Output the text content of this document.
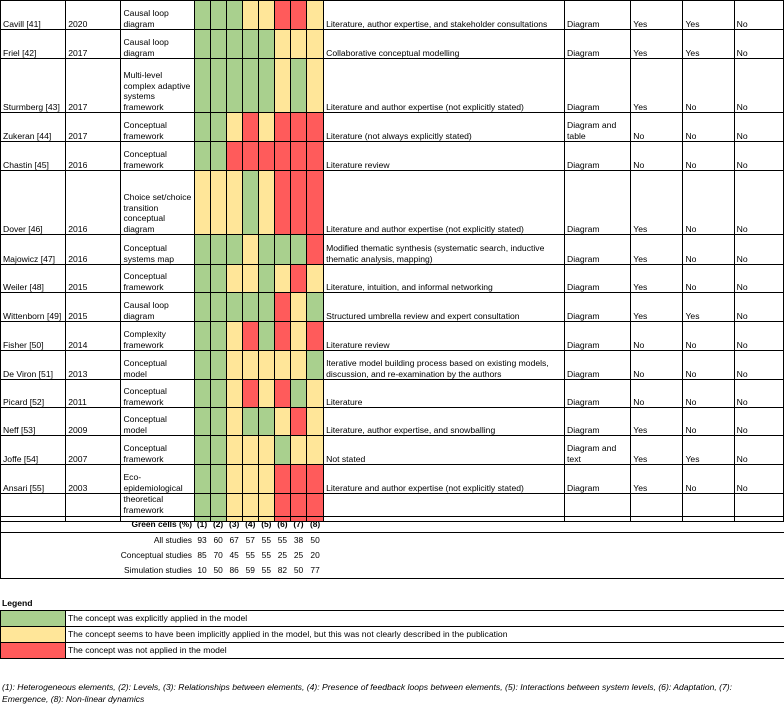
Cavill [41]	2020	Causal loop diagram									Literature, author expertise, and stakeholder consultations	Diagram	Yes	Yes	No
Friel [42]	2017	Causal loop diagram									Collaborative conceptual modelling	Diagram	Yes	Yes	No
Sturmberg [43]	2017	Multi-level complex adaptive systems framework									Literature and author expertise (not explicitly stated)	Diagram	Yes	No	No
Zukeran [44]	2017	Conceptual framework									Literature (not always explicitly stated)	Diagram and table	No	No	No
Chastin [45]	2016	Conceptual framework									Literature review	Diagram	No	No	No
Dover [46]	2016	Choice set/choice transition conceptual diagram									Literature and author expertise (not explicitly stated)	Diagram	Yes	No	No
Majowicz [47]	2016	Conceptual systems map									Modified thematic synthesis (systematic search, inductive thematic analysis, mapping)	Diagram	Yes	No	No
Weiler [48]	2015	Conceptual framework									Literature, intuition, and informal networking	Diagram	Yes	No	No
Wittenborn [49]	2015	Causal loop diagram									Structured umbrella review and expert consultation	Diagram	Yes	Yes	No
Fisher [50]	2014	Complexity framework									Literature review	Diagram	No	No	No
De Viron [51]	2013	Conceptual model									Iterative model building process based on existing models, discussion, and re-examination by the authors	Diagram	No	No	No
Picard [52]	2011	Conceptual framework									Literature	Diagram	No	No	No
Neff [53]	2009	Conceptual model									Literature, author expertise, and snowballing	Diagram	Yes	No	No
Joffe [54]	2007	Conceptual framework									Not stated	Diagram and text	Yes	Yes	No
Ansari [55]	2003	Eco-epidemiological									Literature and author expertise (not explicitly stated)	Diagram	Yes	No	No
		theoretical framework													
Green cells (%)	(1)	(2)	(3)	(4)	(5)	(6)	(7)	(8)	
All studies	93	60	67	57	55	55	38	50	
Conceptual studies	85	70	45	55	55	25	25	20	
Simulation studies	10	50	86	59	55	82	50	77	
Legend
	The concept was explicitly applied in the model
	The concept seems to have been implicitly applied in the model, but this was not clearly described in the publication
	The concept was not applied in the model
(1): Heterogeneous elements, (2): Levels, (3): Relationships between elements, (4): Presence of feedback loops between elements, (5): Interactions between system levels, (6): Adaptation, (7): Emergence, (8): Non-linear dynamics
